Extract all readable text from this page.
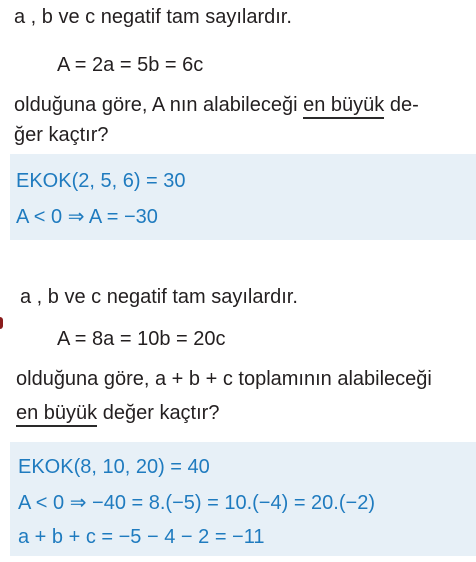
a , b ve c negatif tam sayılardır.
A = 2a = 5b = 6c
olduğuna göre, A nın alabileceği en büyük de-
ğer kaçtır?
EKOK(2, 5, 6) = 30
A < 0 ⇒ A = −30
a , b ve c negatif tam sayılardır.
A = 8a = 10b = 20c
olduğuna göre, a + b + c toplamının alabileceği
en büyük değer kaçtır?
EKOK(8, 10, 20) = 40
A < 0 ⇒ −40 = 8.(−5) = 10.(−4) = 20.(−2)
a + b + c = −5 − 4 − 2 = −11
